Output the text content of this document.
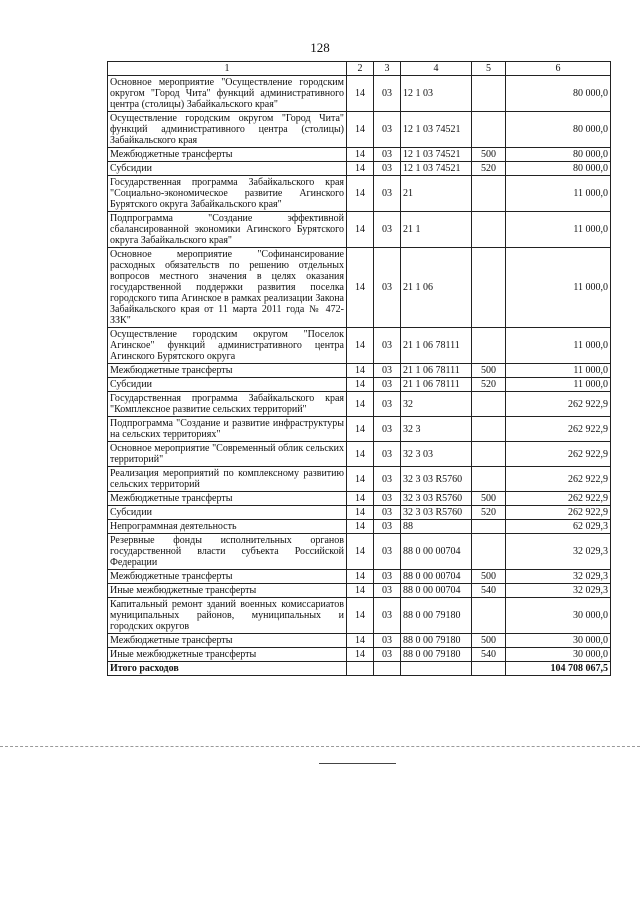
128
1	2	3	4	5	6
Основное мероприятие "Осуществление городским округом "Город Чита" функций административного центра (столицы) Забайкальского края"	14	03	12 1 03		80 000,0
Осуществление городским округом "Город Чита" функций административного центра (столицы) Забайкальского края	14	03	12 1 03 74521		80 000,0
Межбюджетные трансферты	14	03	12 1 03 74521	500	80 000,0
Субсидии	14	03	12 1 03 74521	520	80 000,0
Государственная программа Забайкальского края "Социально-экономическое развитие Агинского Бурятского округа Забайкальского края"	14	03	21		11 000,0
Подпрограмма "Создание эффективной сбалансированной экономики Агинского Бурятского округа Забайкальского края"	14	03	21 1		11 000,0
Основное мероприятие "Софинансирование расходных обязательств по решению отдельных вопросов местного значения в целях оказания государственной поддержки развития поселка городского типа Агинское в рамках реализации Закона Забайкальского края от 11 марта 2011 года № 472-ЗЗК"	14	03	21 1 06		11 000,0
Осуществление городским округом "Поселок Агинское" функций административного центра Агинского Бурятского округа	14	03	21 1 06 78111		11 000,0
Межбюджетные трансферты	14	03	21 1 06 78111	500	11 000,0
Субсидии	14	03	21 1 06 78111	520	11 000,0
Государственная программа Забайкальского края "Комплексное развитие сельских территорий"	14	03	32		262 922,9
Подпрограмма "Создание и развитие инфраструктуры на сельских территориях"	14	03	32 3		262 922,9
Основное мероприятие "Современный облик сельских территорий"	14	03	32 3 03		262 922,9
Реализация мероприятий по комплексному развитию сельских территорий	14	03	32 3 03 R5760		262 922,9
Межбюджетные трансферты	14	03	32 3 03 R5760	500	262 922,9
Субсидии	14	03	32 3 03 R5760	520	262 922,9
Непрограммная деятельность	14	03	88		62 029,3
Резервные фонды исполнительных органов государственной власти субъекта Российской Федерации	14	03	88 0 00 00704		32 029,3
Межбюджетные трансферты	14	03	88 0 00 00704	500	32 029,3
Иные межбюджетные трансферты	14	03	88 0 00 00704	540	32 029,3
Капитальный ремонт зданий военных комиссариатов муниципальных районов, муниципальных и городских округов	14	03	88 0 00 79180		30 000,0
Межбюджетные трансферты	14	03	88 0 00 79180	500	30 000,0
Иные межбюджетные трансферты	14	03	88 0 00 79180	540	30 000,0
Итого расходов					104 708 067,5
